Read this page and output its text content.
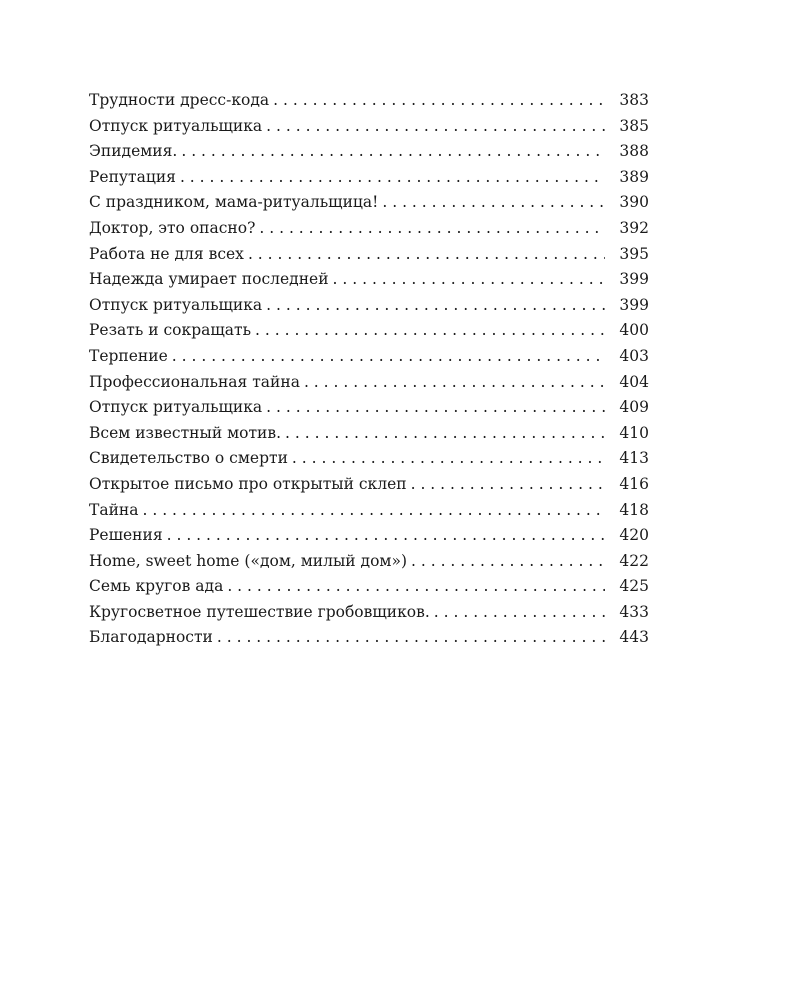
Трудности дресс-кода . . .	383
Отпуск ритуальщика . . .	385
Эпидемия. . . .	388
Репутация . . .	389
С праздником, мама-ритуальщица! . . .	390
Доктор, это опасно? . . .	392
Работа не для всех . . .	395
Надежда умирает последней . . .	399
Отпуск ритуальщика . . .	399
Резать и сокращать . . .	400
Терпение . . .	403
Профессиональная тайна . . .	404
Отпуск ритуальщика . . .	409
Всем известный мотив. . . .	410
Свидетельство о смерти . . .	413
Открытое письмо про открытый склеп . . .	416
Тайна . . .	418
Решения . . .	420
Home, sweet home («дом, милый дом») . . .	422
Семь кругов ада . . .	425
Кругосветное путешествие гробовщиков. . . .	433
Благодарности . . .	443
